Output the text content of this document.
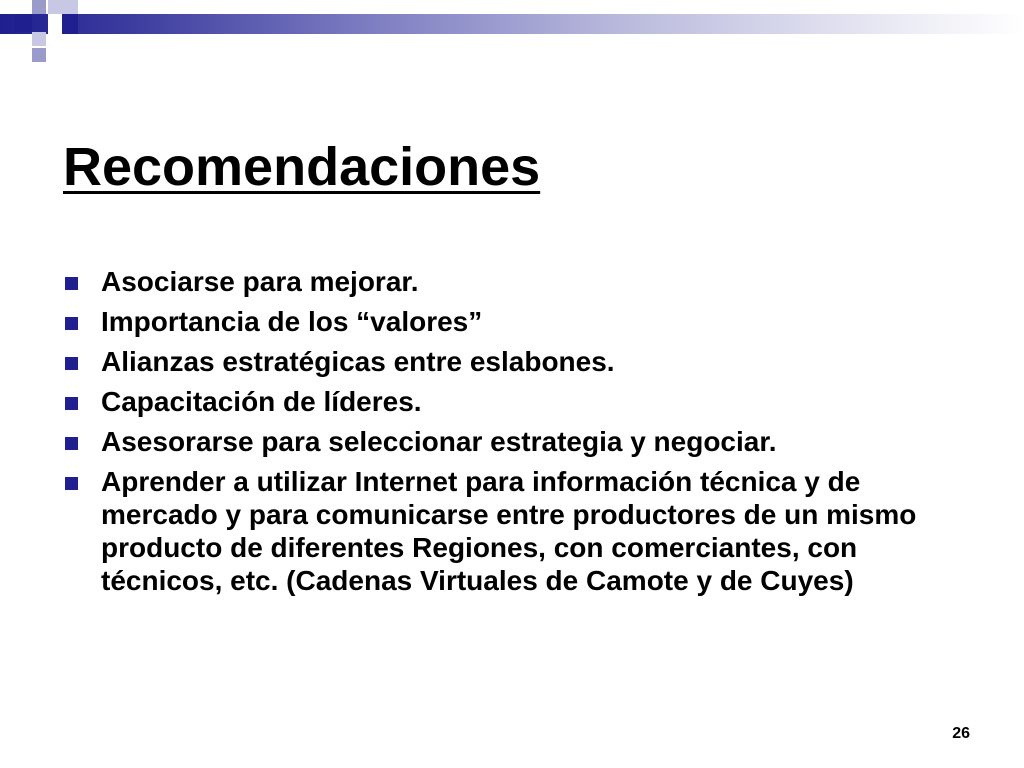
Recomendaciones
Asociarse para mejorar.
Importancia de los “valores”
Alianzas estratégicas entre eslabones.
Capacitación de líderes.
Asesorarse para seleccionar estrategia y negociar.
Aprender a utilizar Internet para información técnica y de mercado y para comunicarse entre productores de un mismo producto de diferentes Regiones, con comerciantes, con técnicos, etc. (Cadenas Virtuales de Camote y de Cuyes)
26
